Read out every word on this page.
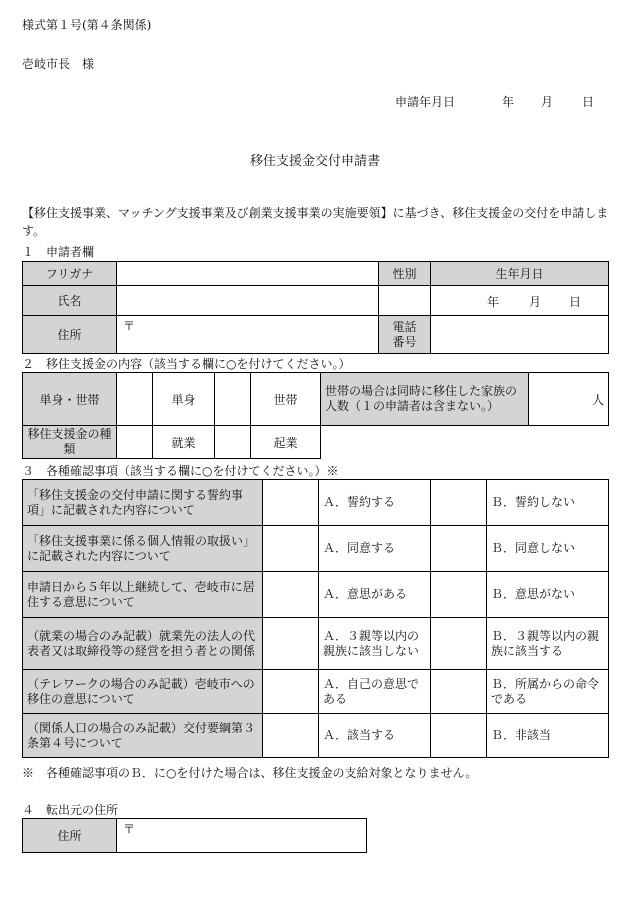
様式第１号(第４条関係)
壱岐市長　様
申請年月日	年 月 日
移住支援金交付申請書
【移住支援事業、マッチング支援事業及び創業支援事業の実施要領】に基づき、移住支援金の交付を申請します。
１　申請者欄
フリガナ		性別	生年月日
氏名			年 月 日

住所	〒	電話
番号	
２　移住支援金の内容（該当する欄に○を付けてください。）
単身・世帯		単身		世帯	世帯の場合は同時に移住した家族の人数（１の申請者は含まない。）	人
移住支援金の種類		就業		起業		
３　各種確認事項（該当する欄に○を付けてください。）※
「移住支援金の交付申請に関する誓約事項」に記載された内容について		Ａ．誓約する		Ｂ．誓約しない
「移住支援事業に係る個人情報の取扱い」に記載された内容について		Ａ．同意する		Ｂ．同意しない
申請日から５年以上継続して、壱岐市に居住する意思について		Ａ．意思がある		Ｂ．意思がない
（就業の場合のみ記載）就業先の法人の代表者又は取締役等の経営を担う者との関係		Ａ．３親等以内の親族に該当しない		Ｂ．３親等以内の親族に該当する
（テレワークの場合のみ記載）壱岐市への移住の意思について		Ａ．自己の意思である		Ｂ．所属からの命令である
（関係人口の場合のみ記載）交付要綱第３条第４号について		Ａ．該当する		Ｂ．非該当
※　各種確認事項のＢ．に○を付けた場合は、移住支援金の支給対象となりません。
４　転出元の住所
住所	〒
